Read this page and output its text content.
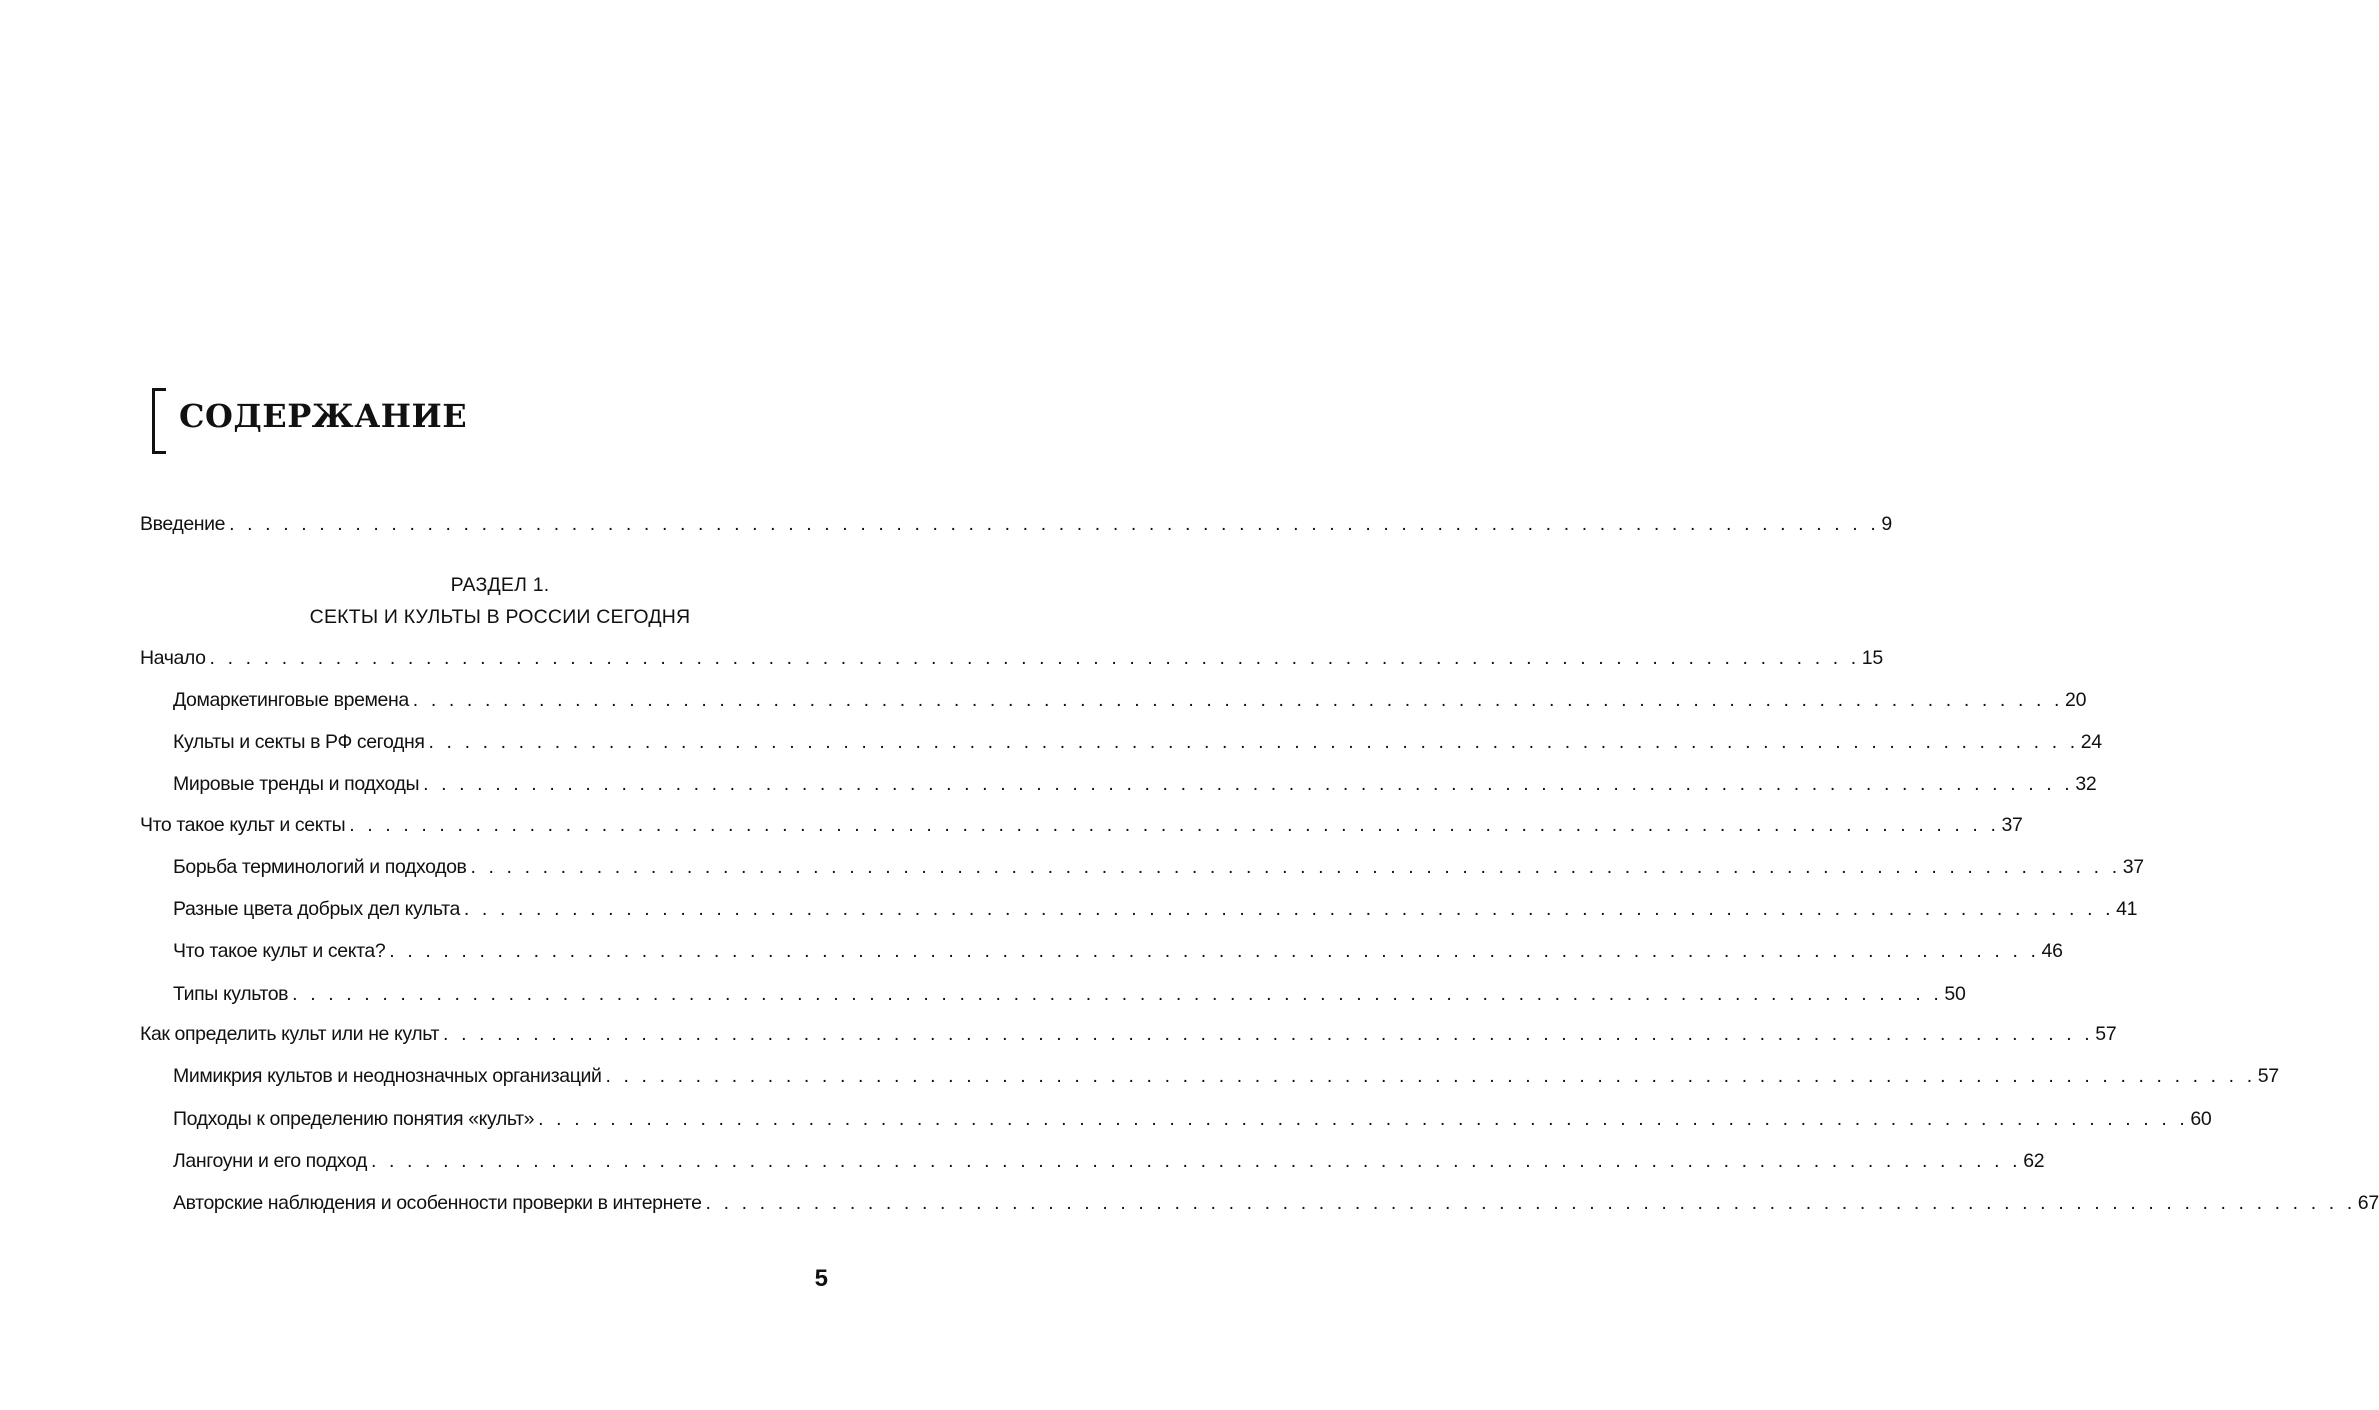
СОДЕРЖАНИЕ
Введение . . . . . . . . . . . . . . . . . . . . . . . . . . . . . . . . . . . . . . . . . . . . . . . . . . . . . . . . . . . . . . . . . . . . . . . . . . . . . . . . . . . . . . . . . . . . 9
РАЗДЕЛ 1.
СЕКТЫ И КУЛЬТЫ В РОССИИ СЕГОДНЯ
Начало . . . . . . . . . . . . . . . . . . . . . . . . . . . . . . . . . . . . . . . . . . . . . . . . . . . . . . . . . . . . . . . . . . . . . . . . . . . . . . . . . . . . . . . . . . . . 15
Домаркетинговые времена . . . . . . . . . . . . . . . . . . . . . . . . . . . . . . . . . . . . . . . . . . . . . . . . . . . . . . . . . . . . . . . . . . . . . . . . . . . . . . . . . . . . . . . . . . . . 20
Культы и секты в РФ сегодня . . . . . . . . . . . . . . . . . . . . . . . . . . . . . . . . . . . . . . . . . . . . . . . . . . . . . . . . . . . . . . . . . . . . . . . . . . . . . . . . . . . . . . . . . . . . 24
Мировые тренды и подходы . . . . . . . . . . . . . . . . . . . . . . . . . . . . . . . . . . . . . . . . . . . . . . . . . . . . . . . . . . . . . . . . . . . . . . . . . . . . . . . . . . . . . . . . . . . . 32
Что такое культ и секты . . . . . . . . . . . . . . . . . . . . . . . . . . . . . . . . . . . . . . . . . . . . . . . . . . . . . . . . . . . . . . . . . . . . . . . . . . . . . . . . . . . . . . . . . . . . 37
Борьба терминологий и подходов . . . . . . . . . . . . . . . . . . . . . . . . . . . . . . . . . . . . . . . . . . . . . . . . . . . . . . . . . . . . . . . . . . . . . . . . . . . . . . . . . . . . . . . . . . . . 37
Разные цвета добрых дел культа . . . . . . . . . . . . . . . . . . . . . . . . . . . . . . . . . . . . . . . . . . . . . . . . . . . . . . . . . . . . . . . . . . . . . . . . . . . . . . . . . . . . . . . . . . . . 41
Что такое культ и секта? . . . . . . . . . . . . . . . . . . . . . . . . . . . . . . . . . . . . . . . . . . . . . . . . . . . . . . . . . . . . . . . . . . . . . . . . . . . . . . . . . . . . . . . . . . . . 46
Типы культов . . . . . . . . . . . . . . . . . . . . . . . . . . . . . . . . . . . . . . . . . . . . . . . . . . . . . . . . . . . . . . . . . . . . . . . . . . . . . . . . . . . . . . . . . . . . 50
Как определить культ или не культ . . . . . . . . . . . . . . . . . . . . . . . . . . . . . . . . . . . . . . . . . . . . . . . . . . . . . . . . . . . . . . . . . . . . . . . . . . . . . . . . . . . . . . . . . . . . 57
Мимикрия культов и неоднозначных организаций . . . . . . . . . . . . . . . . . . . . . . . . . . . . . . . . . . . . . . . . . . . . . . . . . . . . . . . . . . . . . . . . . . . . . . . . . . . . . . . . . . . . . . . . . . . . 57
Подходы к определению понятия «культ» . . . . . . . . . . . . . . . . . . . . . . . . . . . . . . . . . . . . . . . . . . . . . . . . . . . . . . . . . . . . . . . . . . . . . . . . . . . . . . . . . . . . . . . . . . . . 60
Лангоуни и его подход . . . . . . . . . . . . . . . . . . . . . . . . . . . . . . . . . . . . . . . . . . . . . . . . . . . . . . . . . . . . . . . . . . . . . . . . . . . . . . . . . . . . . . . . . . . . 62
Авторские наблюдения и особенности проверки в интернете . . . . . . . . . . . . . . . . . . . . . . . . . . . . . . . . . . . . . . . . . . . . . . . . . . . . . . . . . . . . . . . . . . . . . . . . . . . . . . . . . . . . . . . . . . . . 67
5
